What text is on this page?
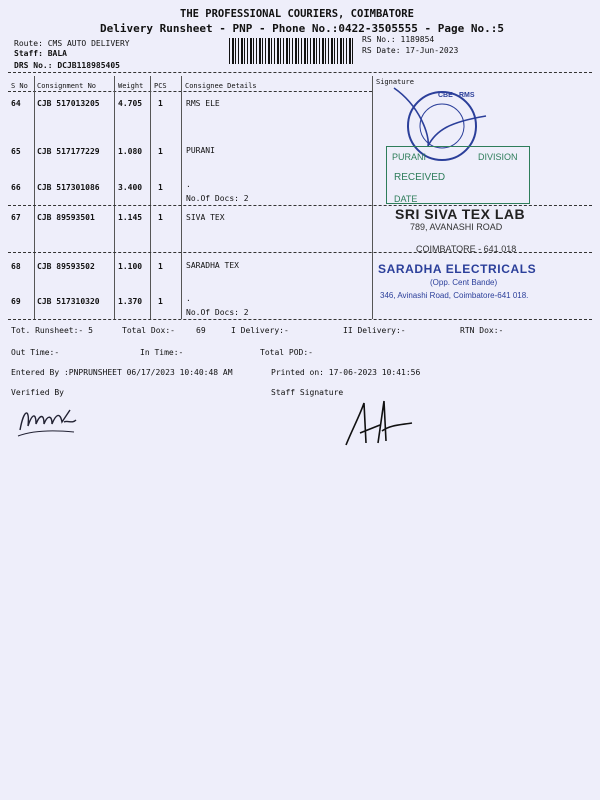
THE PROFESSIONAL COURIERS, COIMBATORE
Delivery Runsheet - PNP - Phone No.:0422-3505555 - Page No.:5
Route: CMS AUTO DELIVERY
Staff: BALA
DRS No.: DCJB118985405
RS No.: 1189854
RS Date: 17-Jun-2023
S No Consignment No	Weight PCS	Consignee Details	Signature
64 CJB 517013205 4.705 1	RMS ELE
65 CJB 517177229 1.080 1	PURANI
66 CJB 517301086 3.400 1	.
No.Of Docs: 2
67 CJB 89593501	1.145 1	SIVA TEX
68 CJB 89593502	1.100 1	SARADHA TEX
69 CJB 517310320 1.370 1	.
No.Of Docs: 2
Tot. Runsheet:- 5	Total Dox:-	69	I Delivery:-	II Delivery:-	RTN Dox:-
Out Time:-	In Time:-	Total POD:-
Entered By :PNPRUNSHEET 06/17/2023 10:40:48 AM	Printed on: 17-06-2023 10:41:56
Verified By	Staff Signature
CBE - RMS
PURANI	DIVISION
RECEIVED
DATE
SRI SIVA TEX LAB
789, AVANASHI ROAD
COIMBATORE - 641 018
SARADHA ELECTRICALS
(Opp. Cent Bande)
346, Avinashi Road, Coimbatore-641 018.
